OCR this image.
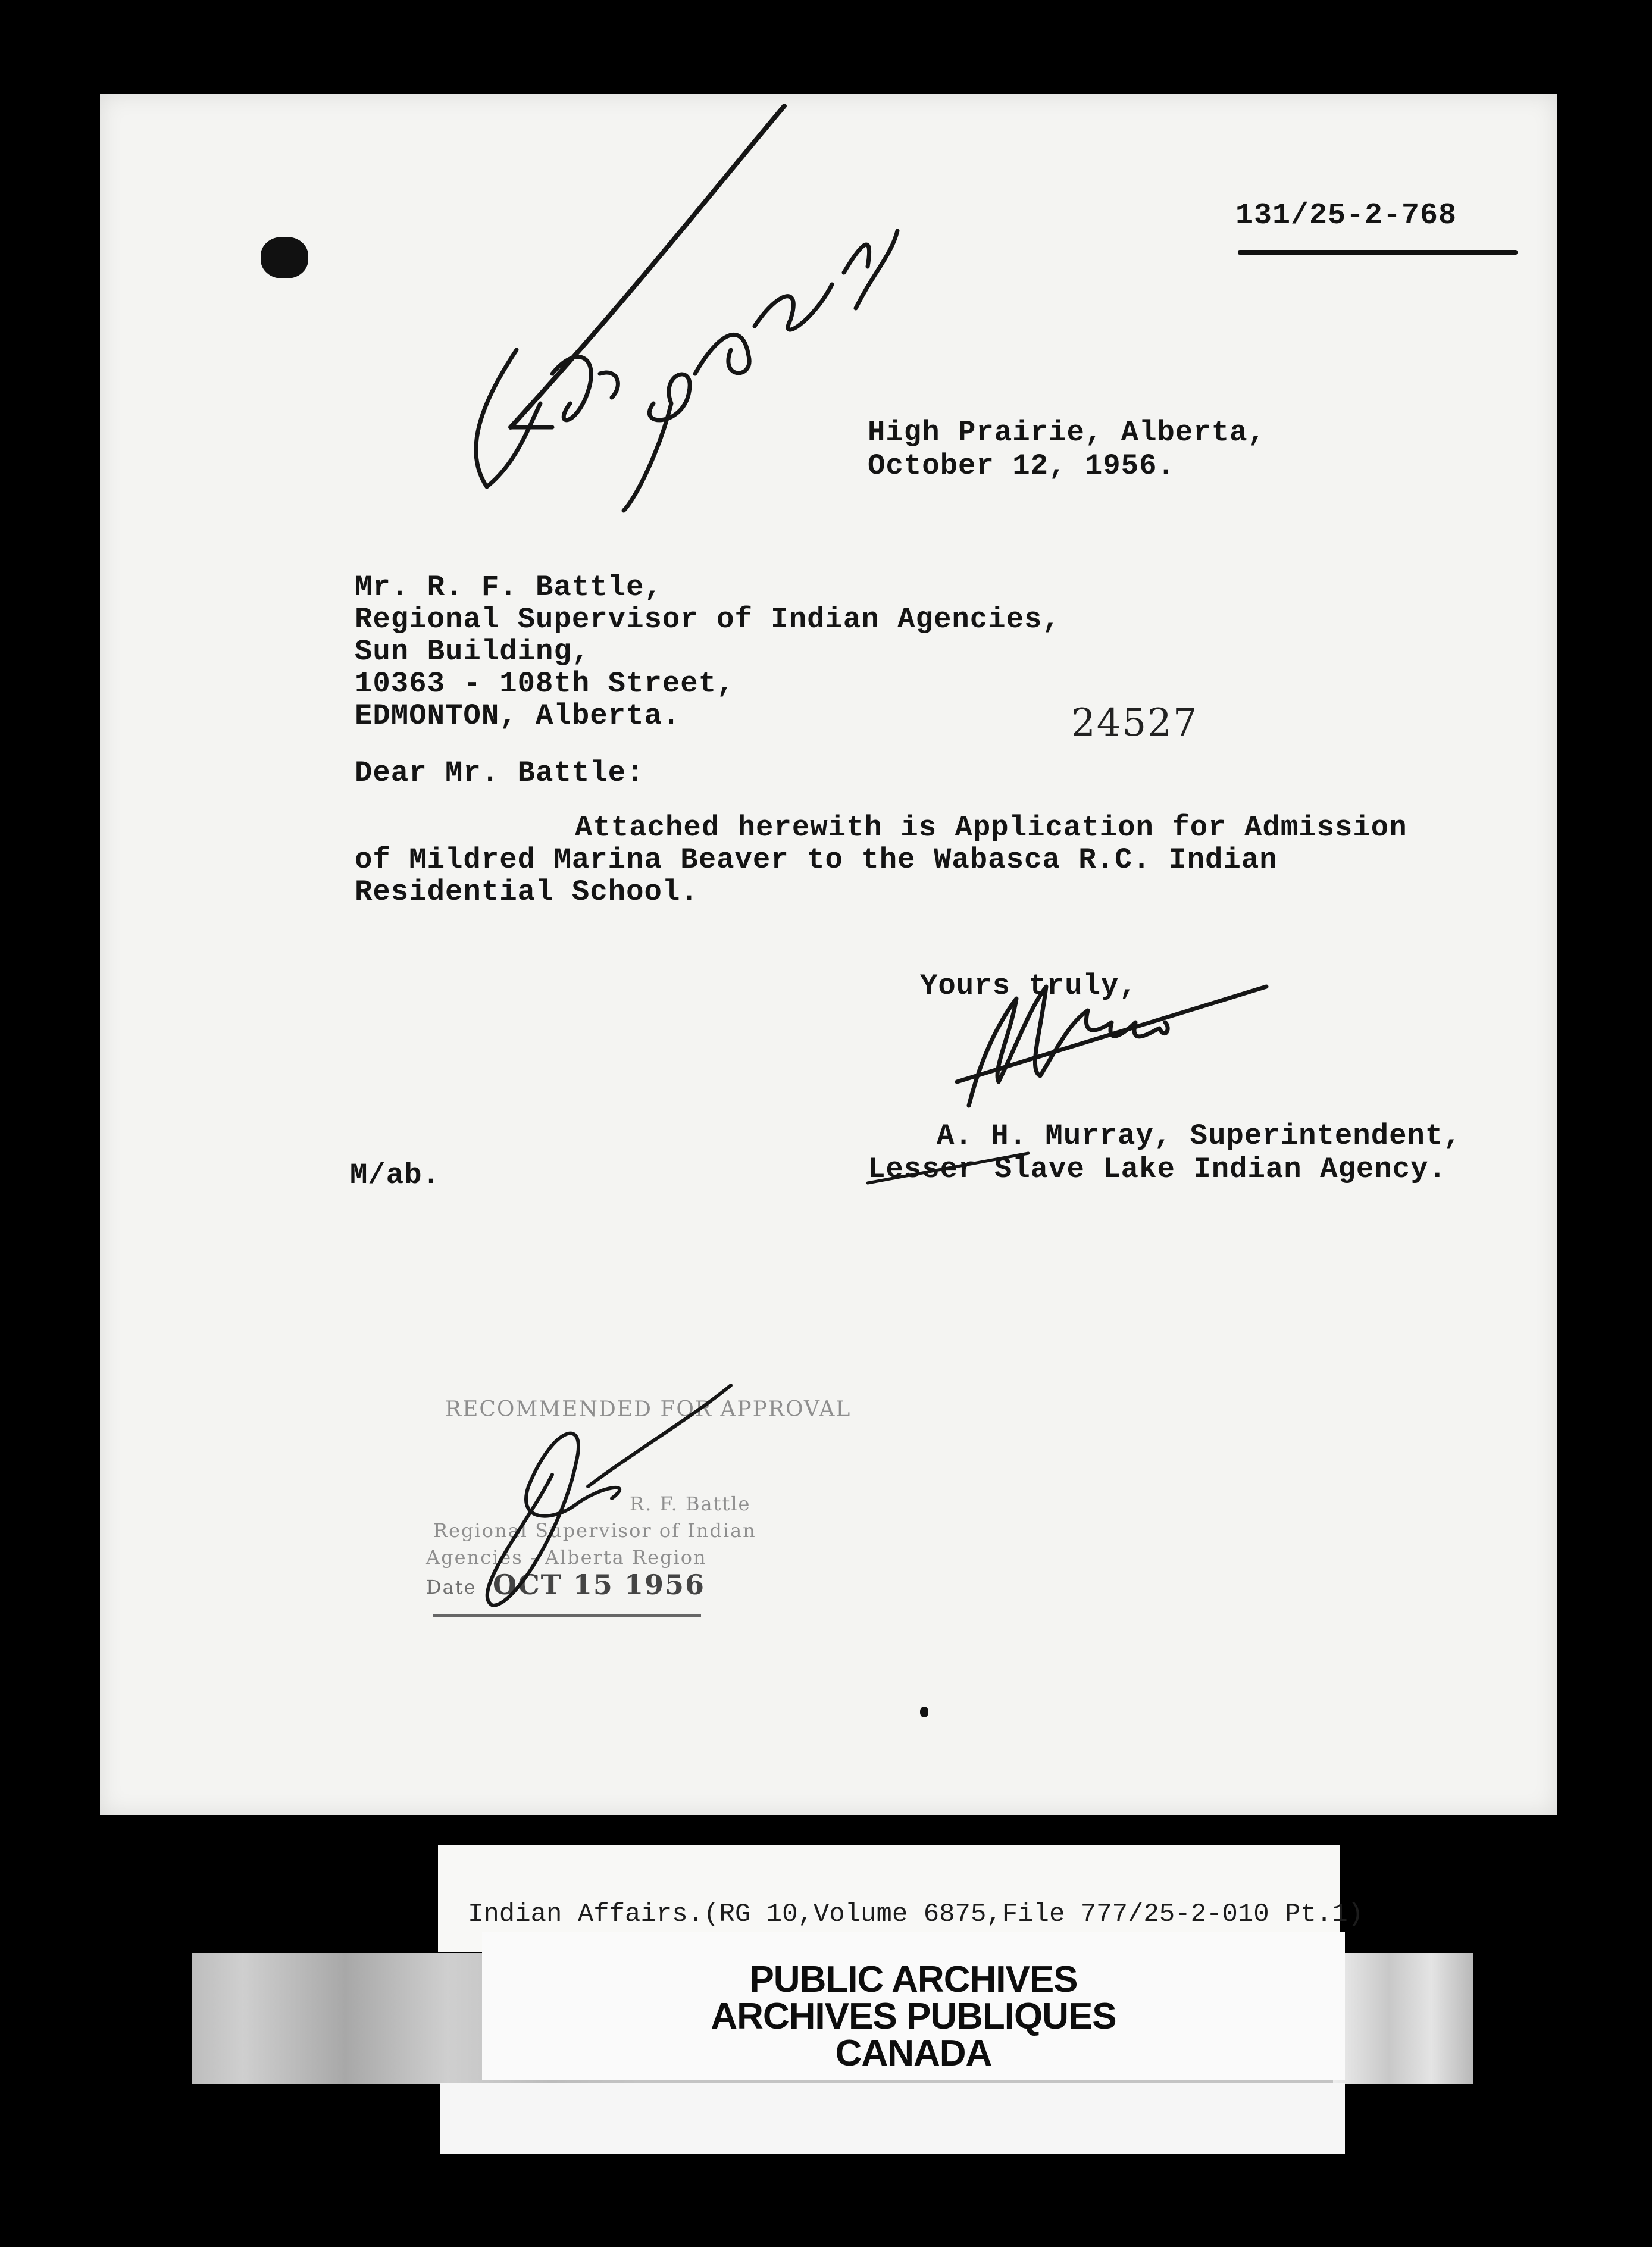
131/25-2-768
High Prairie, Alberta,
October 12, 1956.
Mr. R. F. Battle,
Regional Supervisor of Indian Agencies,
Sun Building,
10363 - 108th Street,
EDMONTON, Alberta.	24527
Dear Mr. Battle:
Attached herewith is Application for Admission
of Mildred Marina Beaver to the Wabasca R.C. Indian
Residential School.
Yours truly,
A. H. Murray, Superintendent,
Lesser Slave Lake Indian Agency.
M/ab.
RECOMMENDED FOR APPROVAL
R. F. Battle
Regional Supervisor of Indian
Agencies - Alberta Region
Date OCT 15 1956
Indian Affairs.(RG 10,Volume 6875,File 777/25-2-010 Pt.1)
PUBLIC ARCHIVES
ARCHIVES PUBLIQUES
CANADA
